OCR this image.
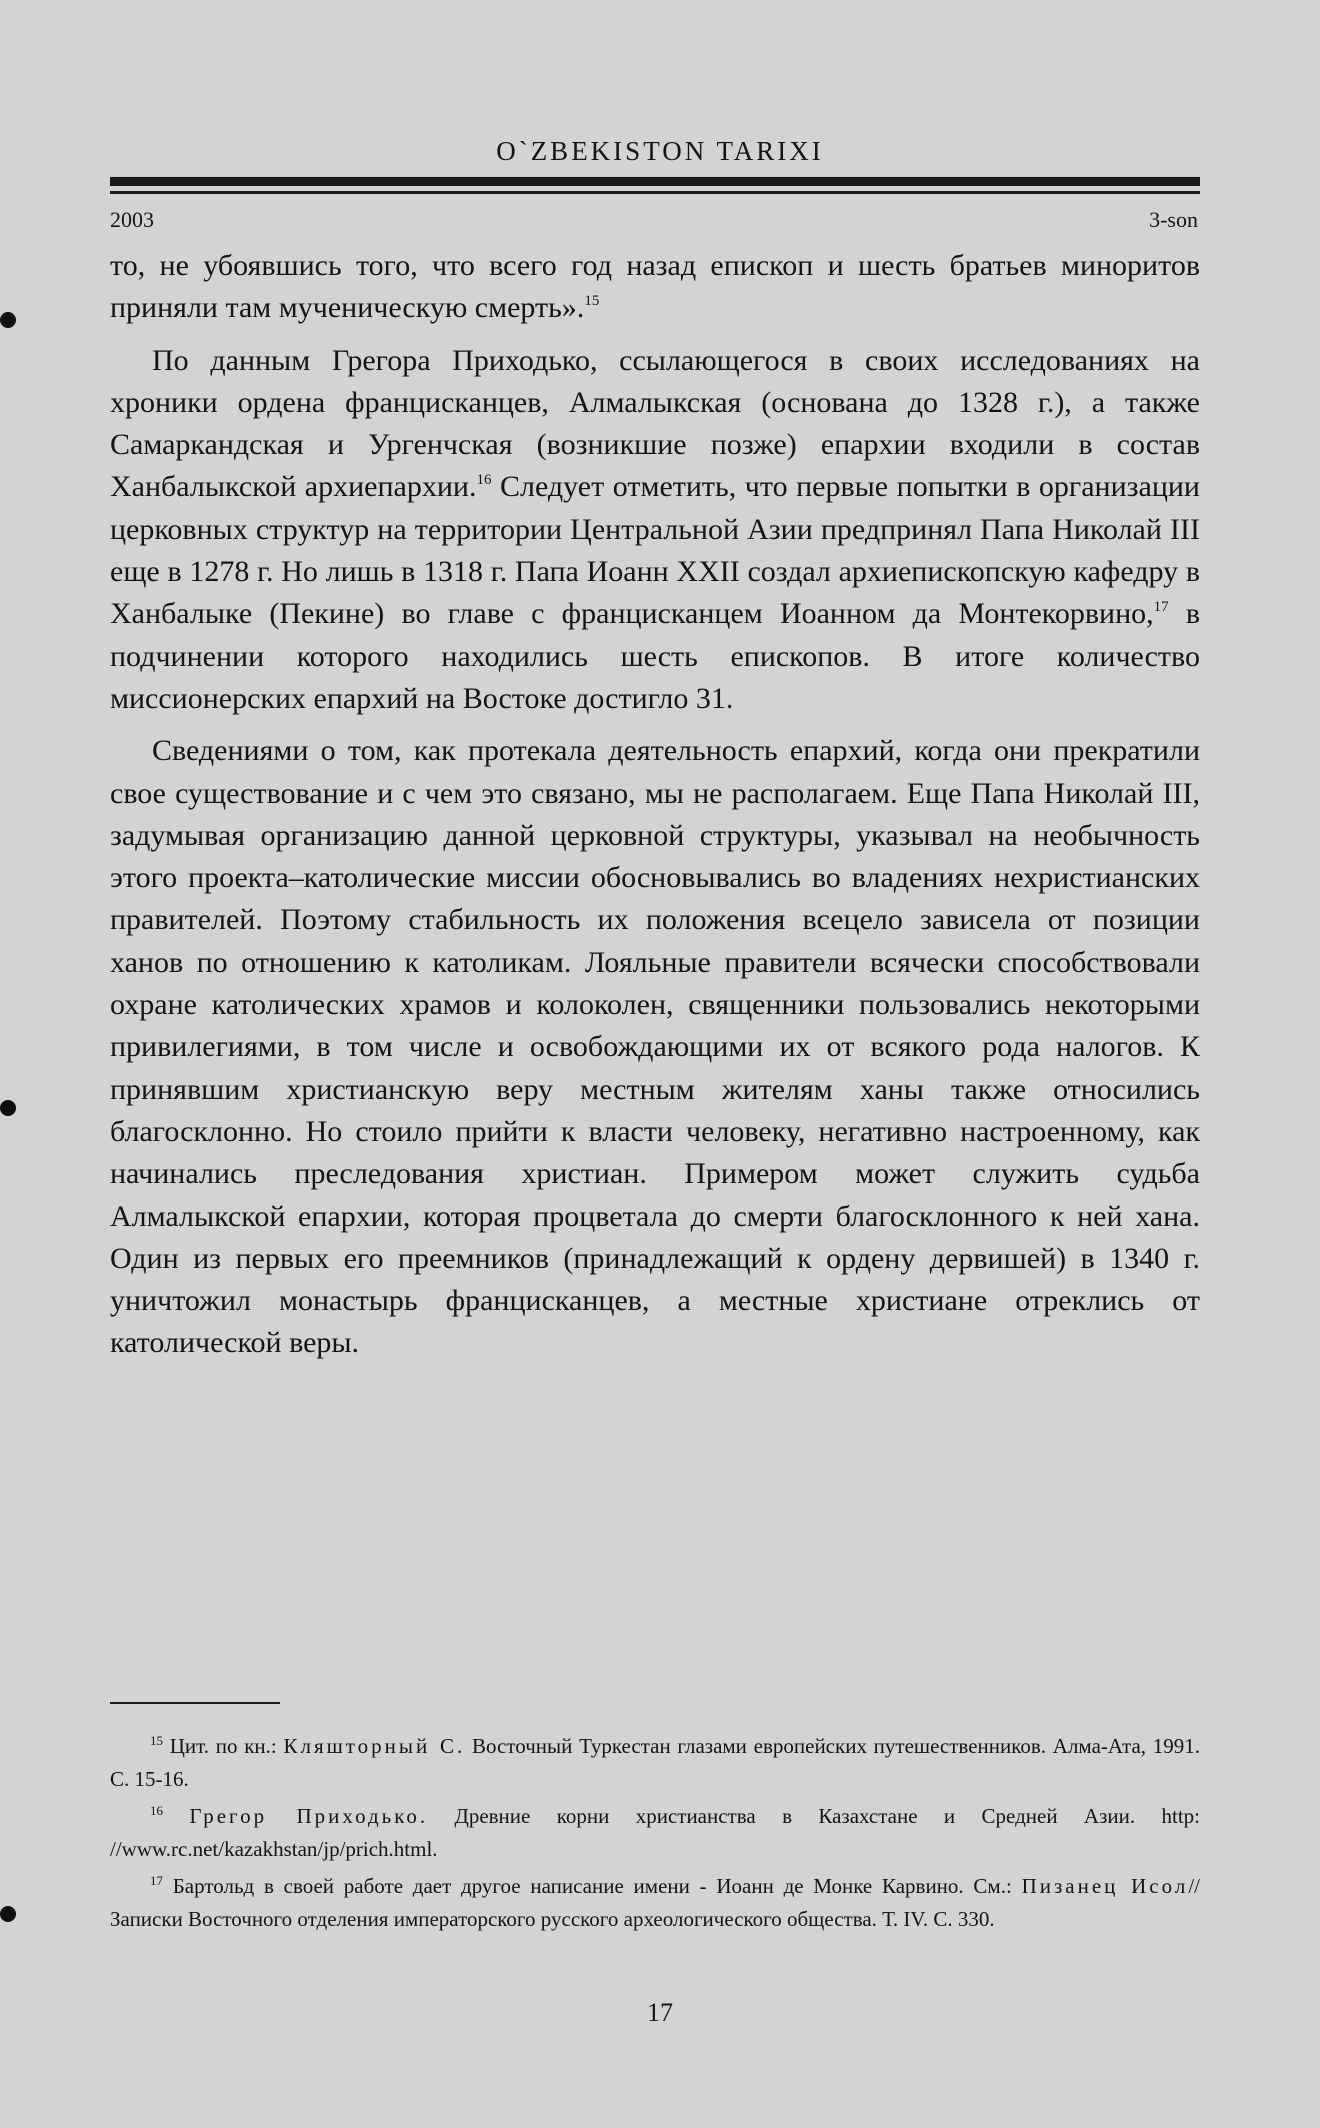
O`ZBEKISTON TARIXI
2003	3-son

то, не убоявшись того, что всего год назад епископ и шесть братьев миноритов приняли там мученическую смерть».$^{15}$

По данным Грегора Приходько, ссылающегося в своих исследованиях на хроники ордена францисканцев, Алмалыкская (основана до 1328 г.), а также Самаркандская и Ургенчская (возникшие позже) епархии входили в состав Ханбалыкской архиепархии.$^{16}$ Следует отметить, что первые попытки в организации церковных структур на территории Центральной Азии предпринял Папа Николай III еще в 1278 г. Но лишь в 1318 г. Папа Иоанн XXII создал архиепископскую кафедру в Ханбалыке (Пекине) во главе с францисканцем Иоанном да Монтекорвино,$^{17}$ в подчинении которого находились шесть епископов. В итоге количество миссионерских епархий на Востоке достигло 31.

Сведениями о том, как протекала деятельность епархий, когда они прекратили свое существование и с чем это связано, мы не располагаем. Еще Папа Николай III, задумывая организацию данной церковной структуры, указывал на необычность этого проекта–католические миссии обосновывались во владениях нехристианских правителей. Поэтому стабильность их положения всецело зависела от позиции ханов по отношению к католикам. Лояльные правители всячески способствовали охране католических храмов и колоколен, священники пользовались некоторыми привилегиями, в том числе и освобождающими их от всякого рода налогов. К принявшим христианскую веру местным жителям ханы также относились благосклонно. Но стоило прийти к власти человеку, негативно настроенному, как начинались преследования христиан. Примером может служить судьба Алмалыкской епархии, которая процветала до смерти благосклонного к ней хана. Один из первых его преемников (принадлежащий к ордену дервишей) в 1340 г. уничтожил монастырь францисканцев, а местные христиане отреклись от католической веры.

$^{15}$ Цит. по кн.: Кляшторный С. Восточный Туркестан глазами европейских путешественников. Алма-Ата, 1991. С. 15-16.

$^{16}$ Грегор Приходько. Древние корни христианства в Казахстане и Средней Азии. http: //www.rc.net/kazakhstan/jp/prich.html.

$^{17}$ Бартольд в своей работе дает другое написание имени - Иоанн де Монке Карвино. См.: Пизанец Исол// Записки Восточного отделения императорского русского археологического общества. Т. IV. С. 330.

17
